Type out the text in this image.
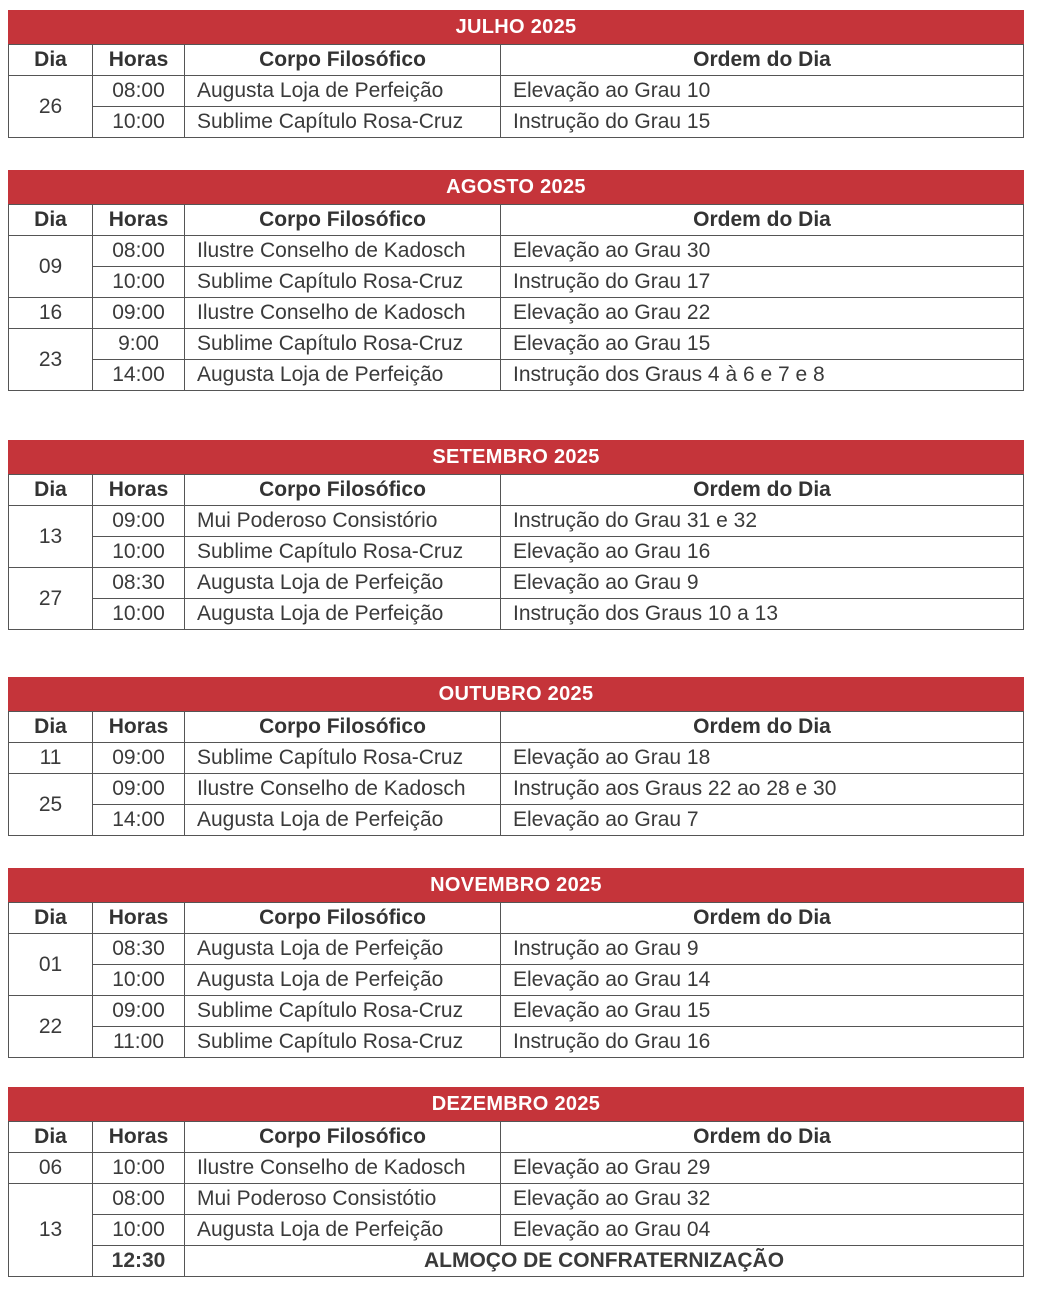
JULHO 2025
Dia	Horas	Corpo Filosófico	Ordem do Dia
26	08:00	Augusta Loja de Perfeição	Elevação ao Grau 10
	10:00	Sublime Capítulo Rosa-Cruz	Instrução do Grau 15
AGOSTO 2025
Dia	Horas	Corpo Filosófico	Ordem do Dia
09	08:00	Ilustre Conselho de Kadosch	Elevação ao Grau 30
	10:00	Sublime Capítulo Rosa-Cruz	Instrução do Grau 17
16	09:00	Ilustre Conselho de Kadosch	Elevação ao Grau 22
23	9:00	Sublime Capítulo Rosa-Cruz	Elevação ao Grau 15
	14:00	Augusta Loja de Perfeição	Instrução dos Graus 4 à 6 e 7 e 8
SETEMBRO 2025
Dia	Horas	Corpo Filosófico	Ordem do Dia
13	09:00	Mui Poderoso Consistório	Instrução do Grau 31 e 32
	10:00	Sublime Capítulo Rosa-Cruz	Elevação ao Grau 16
27	08:30	Augusta Loja de Perfeição	Elevação ao Grau 9
	10:00	Augusta Loja de Perfeição	Instrução dos Graus 10 a 13
OUTUBRO 2025
Dia	Horas	Corpo Filosófico	Ordem do Dia
11	09:00	Sublime Capítulo Rosa-Cruz	Elevação ao Grau 18
25	09:00	Ilustre Conselho de Kadosch	Instrução aos Graus 22 ao 28 e 30
	14:00	Augusta Loja de Perfeição	Elevação ao Grau 7
NOVEMBRO 2025
Dia	Horas	Corpo Filosófico	Ordem do Dia
01	08:30	Augusta Loja de Perfeição	Instrução ao Grau 9
	10:00	Augusta Loja de Perfeição	Elevação ao Grau 14
22	09:00	Sublime Capítulo Rosa-Cruz	Elevação ao Grau 15
	11:00	Sublime Capítulo Rosa-Cruz	Instrução do Grau 16
DEZEMBRO 2025
Dia	Horas	Corpo Filosófico	Ordem do Dia
06	10:00	Ilustre Conselho de Kadosch	Elevação ao Grau 29
13	08:00	Mui Poderoso Consistótio	Elevação ao Grau 32
	10:00	Augusta Loja de Perfeição	Elevação ao Grau 04
	12:30	ALMOÇO DE CONFRATERNIZAÇÃO	
